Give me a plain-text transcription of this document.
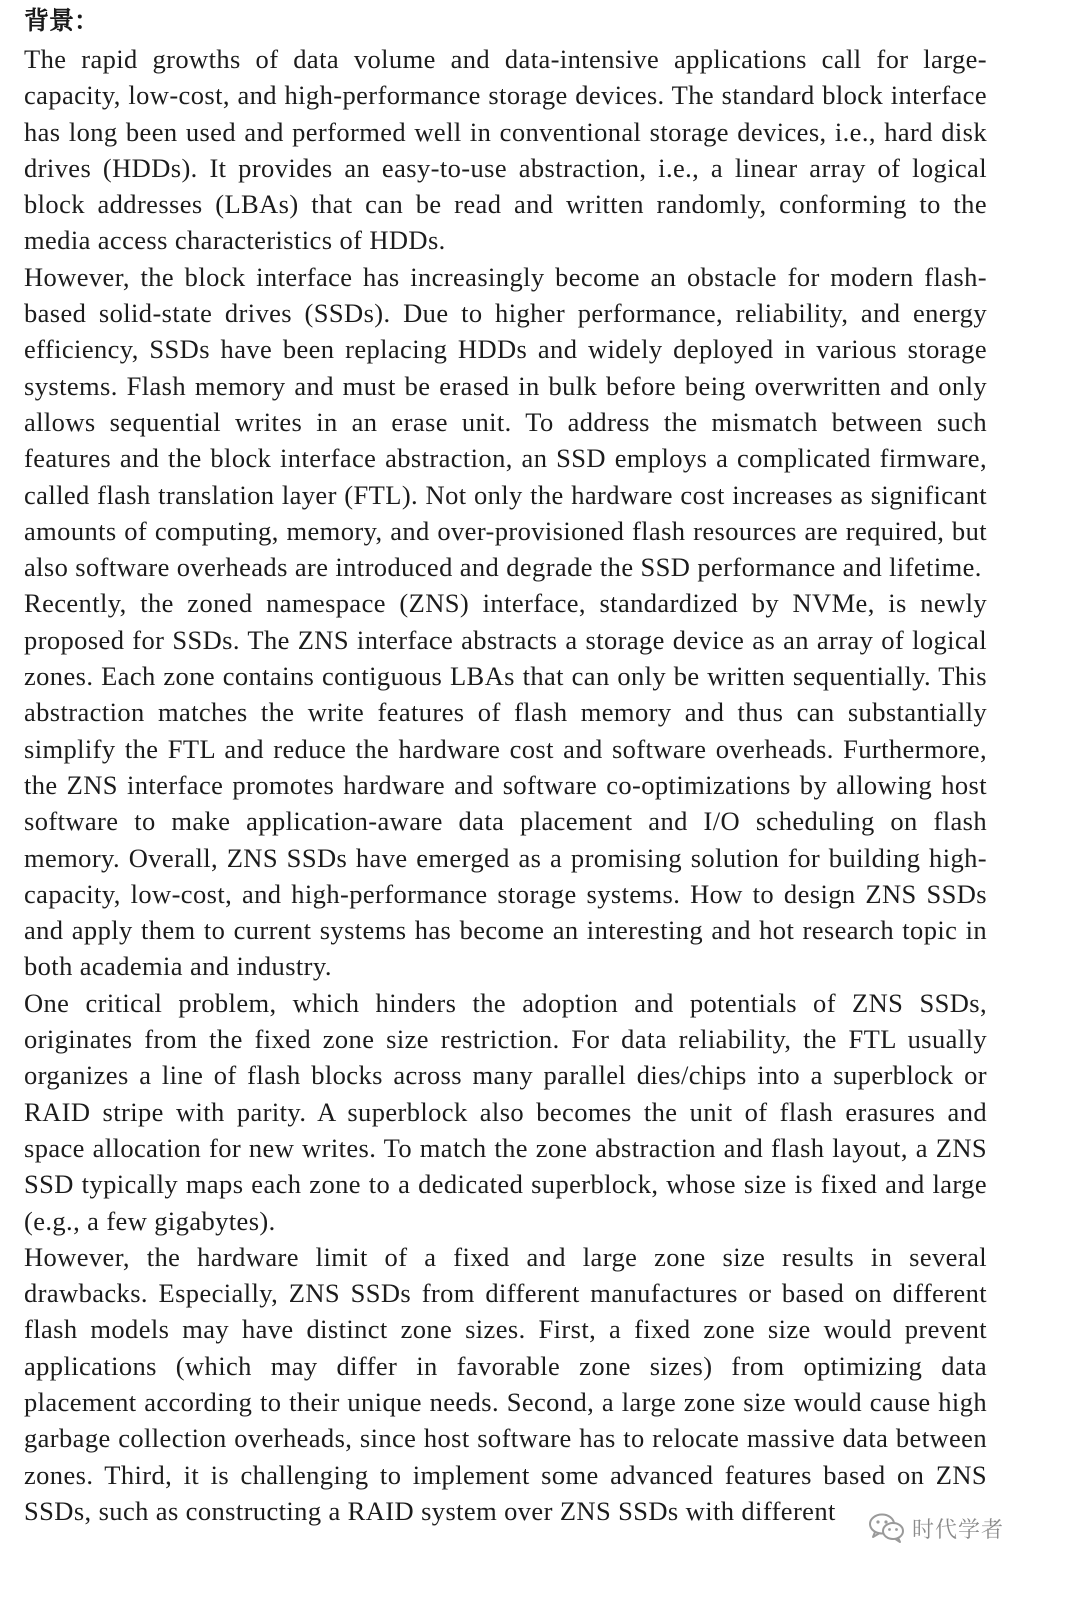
背景：

The rapid growths of data volume and data-intensive applications call for large-capacity, low-cost, and high-performance storage devices. The standard block interface has long been used and performed well in conventional storage devices, i.e., hard disk drives (HDDs). It provides an easy-to-use abstraction, i.e., a linear array of logical block addresses (LBAs) that can be read and written randomly, conforming to the media access characteristics of HDDs.

However, the block interface has increasingly become an obstacle for modern flash-based solid-state drives (SSDs). Due to higher performance, reliability, and energy efficiency, SSDs have been replacing HDDs and widely deployed in various storage systems. Flash memory and must be erased in bulk before being overwritten and only allows sequential writes in an erase unit. To address the mismatch between such features and the block interface abstraction, an SSD employs a complicated firmware, called flash translation layer (FTL). Not only the hardware cost increases as significant amounts of computing, memory, and over-provisioned flash resources are required, but also software overheads are introduced and degrade the SSD performance and lifetime.

Recently, the zoned namespace (ZNS) interface, standardized by NVMe, is newly proposed for SSDs. The ZNS interface abstracts a storage device as an array of logical zones. Each zone contains contiguous LBAs that can only be written sequentially. This abstraction matches the write features of flash memory and thus can substantially simplify the FTL and reduce the hardware cost and software overheads. Furthermore, the ZNS interface promotes hardware and software co-optimizations by allowing host software to make application-aware data placement and I/O scheduling on flash memory. Overall, ZNS SSDs have emerged as a promising solution for building high-capacity, low-cost, and high-performance storage systems. How to design ZNS SSDs and apply them to current systems has become an interesting and hot research topic in both academia and industry.

One critical problem, which hinders the adoption and potentials of ZNS SSDs, originates from the fixed zone size restriction. For data reliability, the FTL usually organizes a line of flash blocks across many parallel dies/chips into a superblock or RAID stripe with parity. A superblock also becomes the unit of flash erasures and space allocation for new writes. To match the zone abstraction and flash layout, a ZNS SSD typically maps each zone to a dedicated superblock, whose size is fixed and large (e.g., a few gigabytes).

However, the hardware limit of a fixed and large zone size results in several drawbacks. Especially, ZNS SSDs from different manufactures or based on different flash models may have distinct zone sizes. First, a fixed zone size would prevent applications (which may differ in favorable zone sizes) from optimizing data placement according to their unique needs. Second, a large zone size would cause high garbage collection overheads, since host software has to relocate massive data between zones. Third, it is challenging to implement some advanced features based on ZNS SSDs, such as constructing a RAID system over ZNS SSDs with different

时代学者
